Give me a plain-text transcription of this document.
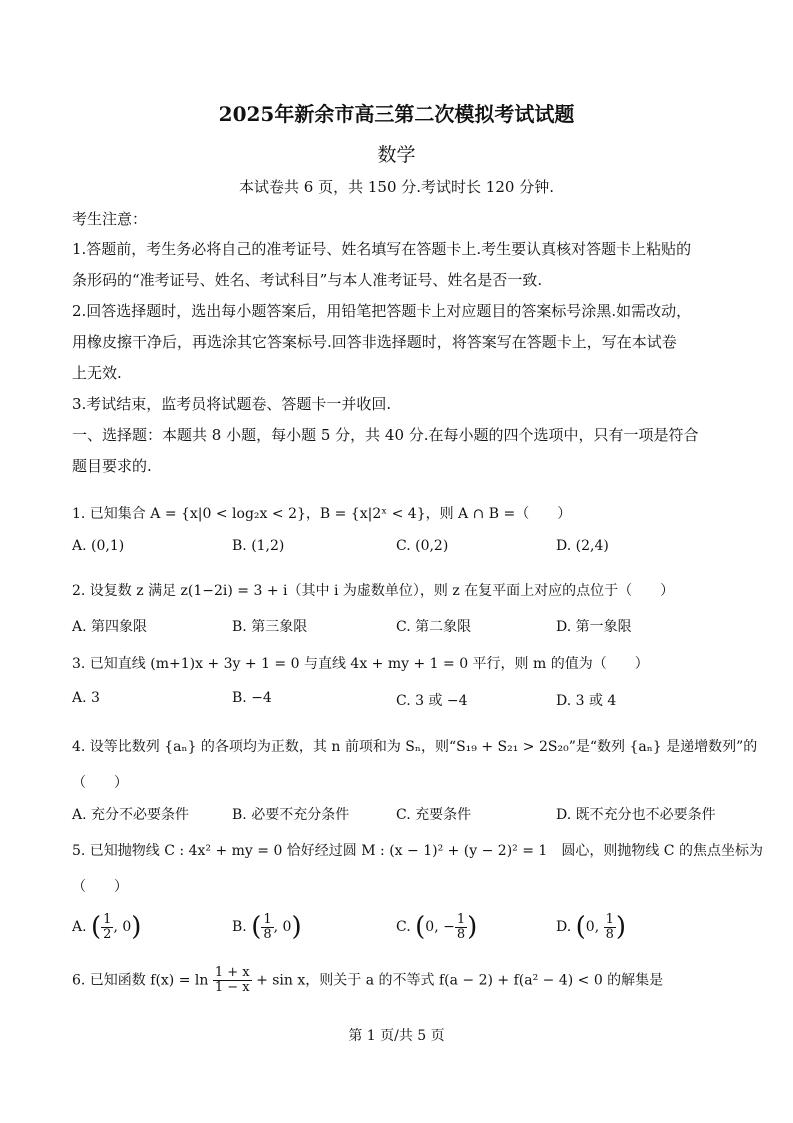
2025年新余市高三第二次模拟考试试题
数学
本试卷共 6 页，共 150 分.考试时长 120 分钟.
考生注意：
1.答题前，考生务必将自己的准考证号、姓名填写在答题卡上.考生要认真核对答题卡上粘贴的
条形码的“准考证号、姓名、考试科目”与本人准考证号、姓名是否一致.
2.回答选择题时，选出每小题答案后，用铅笔把答题卡上对应题目的答案标号涂黑.如需改动，
用橡皮擦干净后，再选涂其它答案标号.回答非选择题时，将答案写在答题卡上，写在本试卷
上无效.
3.考试结束，监考员将试题卷、答题卡一并收回.
一、选择题：本题共 8 小题，每小题 5 分，共 40 分.在每小题的四个选项中，只有一项是符合
题目要求的.
1. 已知集合 A = {x|0 < log₂x < 2}，B = {x|2ˣ < 4}，则 A ∩ B =（　　）
A. (0,1)	B. (1,2)	C. (0,2)	D. (2,4)
2. 设复数 z 满足 z(1−2i) = 3 + i（其中 i 为虚数单位），则 z 在复平面上对应的点位于（　　）
A. 第四象限	B. 第三象限	C. 第二象限	D. 第一象限
3. 已知直线 (m+1)x + 3y + 1 = 0 与直线 4x + my + 1 = 0 平行，则 m 的值为（　　）
A. 3	B. −4	C. 3 或 −4	D. 3 或 4
4. 设等比数列 {aₙ} 的各项均为正数，其 n 前项和为 Sₙ，则“S₁₉ + S₂₁ > 2S₂₀”是“数列 {aₙ} 是递增数列”的
（　　）
A. 充分不必要条件	B. 必要不充分条件	C. 充要条件	D. 既不充分也不必要条件
5. 已知抛物线 C : 4x² + my = 0 恰好经过圆 M : (x − 1)² + (y − 2)² = 1　圆心，则抛物线 C 的焦点坐标为
（　　）
A. ( $\frac{1}{2}$ , 0)	B. ( $\frac{1}{8}$ , 0)	C. (0, − $\frac{1}{8}$ )	D. (0, $\frac{1}{8}$ )
6. 已知函数 $f(x) = \ln \frac{1 + x}{1 - x} + \sin x$，则关于 a 的不等式 f(a − 2) + f(a² − 4) < 0 的解集是
第 1 页/共 5 页
